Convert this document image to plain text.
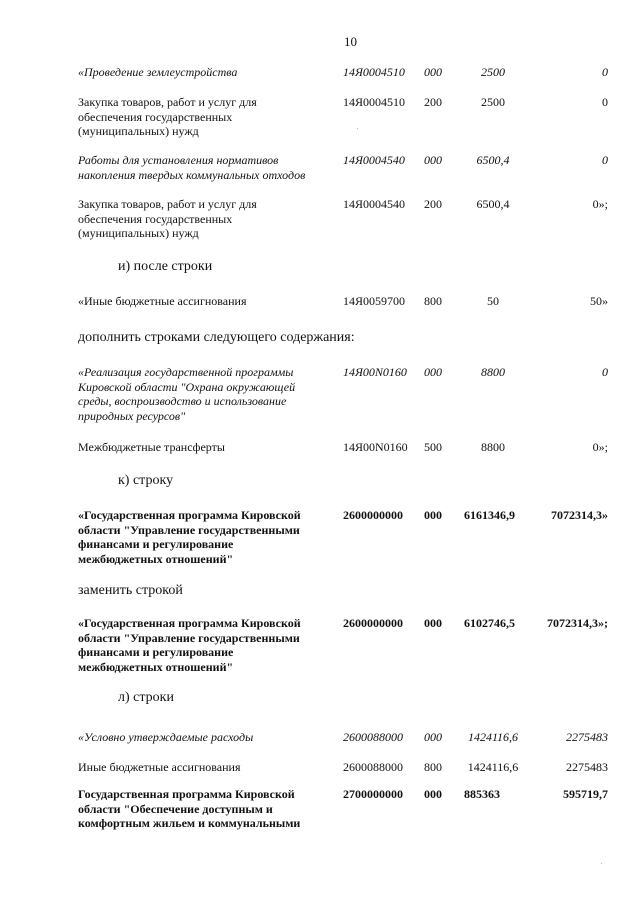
10
«Проведение землеустройства	14Я0004510 000	2500	0
Закупка товаров, работ и услуг для
обеспечения государственных
(муниципальных) нужд
14Я0004510 200	2500	0
Работы для установления нормативов
накопления твердых коммунальных отходов
14Я0004540 000	6500,4	0
Закупка товаров, работ и услуг для
обеспечения государственных
(муниципальных) нужд
14Я0004540 200	6500,4	0»;
и) после строки
«Иные бюджетные ассигнования	14Я0059700 800	50	50»
дополнить строками следующего содержания:
«Реализация государственной программы
Кировской области "Охрана окружающей
среды, воспроизводство и использование
природных ресурсов"
14Я00N0160 000	8800	0
Межбюджетные трансферты	14Я00N0160 500	8800	0»;
к) строку
«Государственная программа Кировской
области "Управление государственными
финансами и регулирование
межбюджетных отношений"
2600000000 000 6161346,9	7072314,3»
заменить строкой
«Государственная программа Кировской
области "Управление государственными
финансами и регулирование
межбюджетных отношений"
2600000000 000 6102746,5	7072314,3»;
л) строки
«Условно утверждаемые расходы	2600088000 000	1424116,6	2275483
Иные бюджетные ассигнования	2600088000 800	1424116,6	2275483
Государственная программа Кировской
области "Обеспечение доступным и
комфортным жильем и коммунальными
2700000000 000 885363	595719,7
